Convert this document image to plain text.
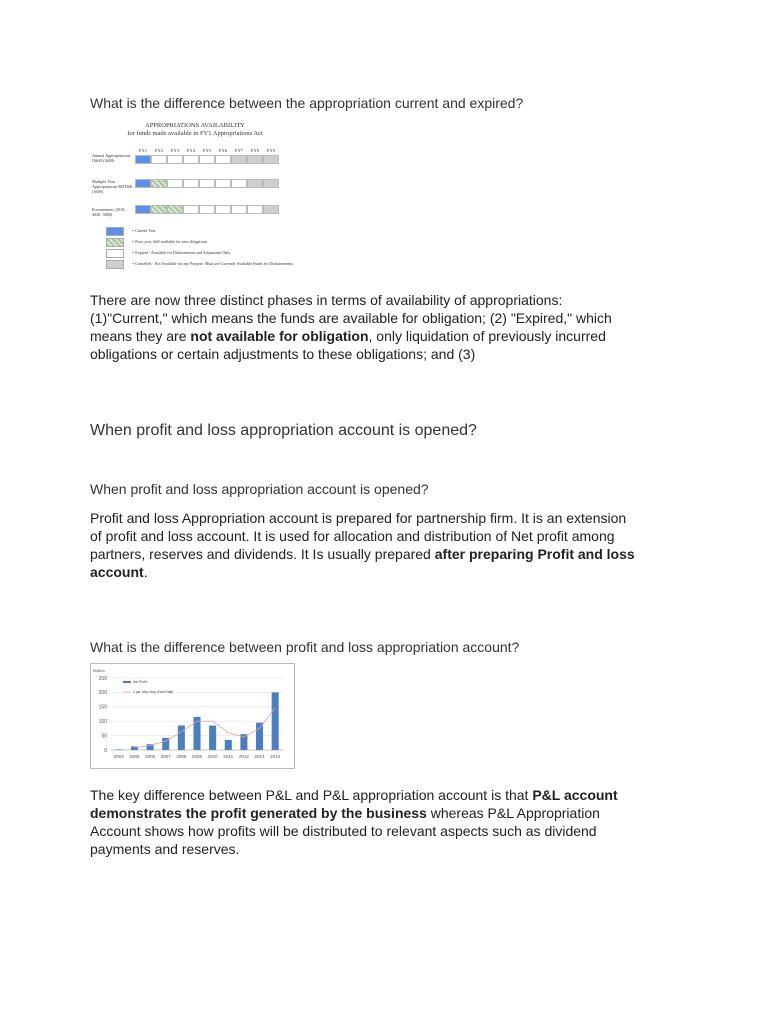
What is the difference between the appropriation current and expired?
APPROPRIATIONS AVAILABILITY
for funds made available in FY1 Appropriations Act
FY1	FY2	FY3	FY4	FY5	FY6	FY7	FY8	FY9
Annual Appropriations O&M (3400)
Multiple Year Appropriations RDT&E (3600)
Procurement (3010, 3020, 3080)
= Current Year
= Prior year, Still available for new obligations
= Expired - Available for Disbursement and Adjustment Only
= Cancelled - Not Available for any Purpose. Must use Currently Available Funds for Disbursements
There are now three distinct phases in terms of availability of appropriations:
(1)"Current," which means the funds are available for obligation; (2) "Expired," which
means they are not available for obligation, only liquidation of previously incurred
obligations or certain adjustments to these obligations; and (3)
When profit and loss appropriation account is opened?
When profit and loss appropriation account is opened?
Profit and loss Appropriation account is prepared for partnership firm. It is an extension
of profit and loss account. It is used for allocation and distribution of Net profit among
partners, reserves and dividends. It Is usually prepared after preparing Profit and loss
account.
What is the difference between profit and loss appropriation account?
$Million
0
50
100
150
200
250
2004 2005 2006 2007 2008 2009 2010 2011 2012 2013 2014
Net Profit
2 per. Mov. Avg. (Net Profit)
The key difference between P&L and P&L appropriation account is that P&L account
demonstrates the profit generated by the business whereas P&L Appropriation
Account shows how profits will be distributed to relevant aspects such as dividend
payments and reserves.
